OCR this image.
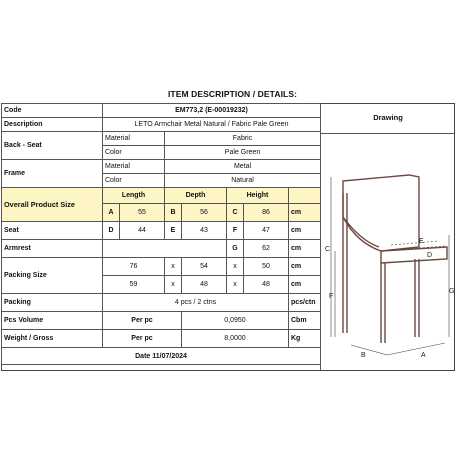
ITEM DESCRIPTION / DETAILS:
Code	EM773,2 (E-00019232)						
Description	LETO Armchair Metal Natural / Fabric Pale Green						
Back - Seat	Material		Fabric				
	Color		Pale Green				
Frame	Material		Metal				
	Color		Natural				
Overall Product Size	Length		Depth		Height		
	A	55	B	56	C	86	cm
Seat	D	44	E	43	F	47	cm
Armrest					G	62	cm
Packing Size	76		x	54	x	50	cm
	59		x	48	x	48	cm
Packing	4 pcs / 2 ctns						pcs/ctn
Pcs Volume	Per pc			0,0950			Cbm
Weight / Gross	Per pc			8,0000			Kg
Date 11/07/2024							
Drawing
C
F
G
E
D
B	A
